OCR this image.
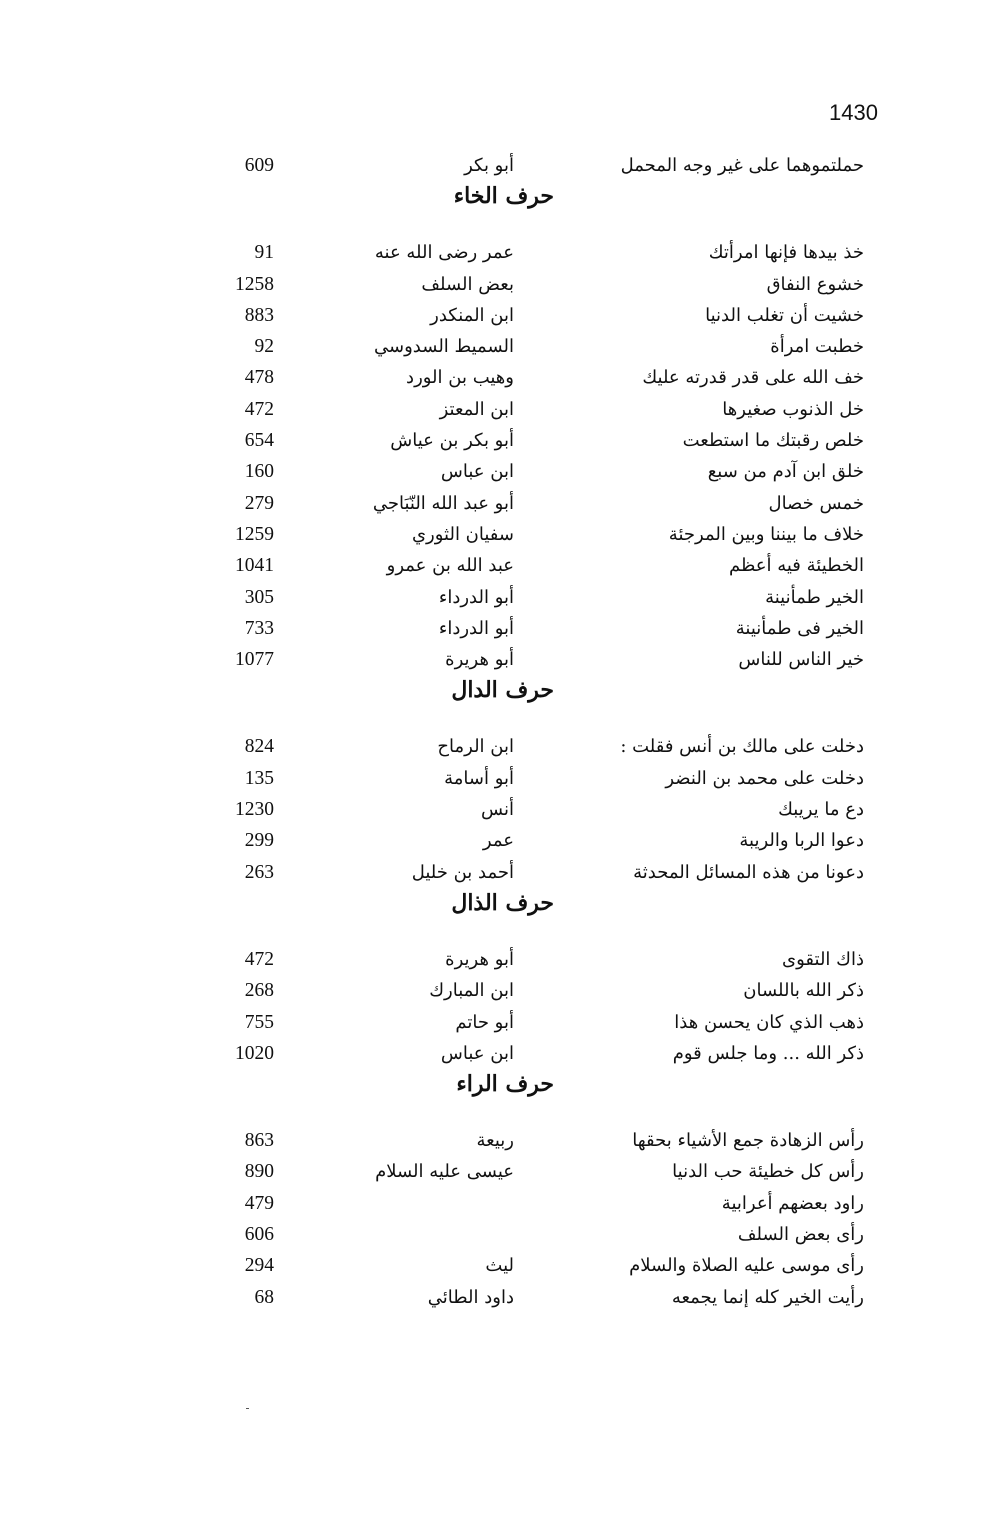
1430
حملتموهما على غير وجه المحمل
أبو بكر
609
حرف الخاء
خذ بيدها فإنها امرأتك
عمر رضى الله عنه
91
خشوع النفاق
بعض السلف
1258
خشيت أن تغلب الدنيا
ابن المنكدر
883
خطبت امرأة
السميط السدوسي
92
خف الله على قدر قدرته عليك
وهيب بن الورد
478
خل الذنوب صغيرها
ابن المعتز
472
خلص رقبتك ما استطعت
أبو بكر بن عياش
654
خلق ابن آدم من سبع
ابن عباس
160
خمس خصال
أبو عبد الله النّبَاجي
279
خلاف ما بيننا وبين المرجئة
سفيان الثوري
1259
الخطيئة فيه أعظم
عبد الله بن عمرو
1041
الخير طمأنينة
أبو الدرداء
305
الخير فى طمأنينة
أبو الدرداء
733
خير الناس للناس
أبو هريرة
1077
حرف الدال
دخلت على مالك بن أنس فقلت :
ابن الرماح
824
دخلت على محمد بن النضر
أبو أسامة
135
دع ما يريبك
أنس
1230
دعوا الربا والريبة
عمر
299
دعونا من هذه المسائل المحدثة
أحمد بن خليل
263
حرف الذال
ذاك التقوى
أبو هريرة
472
ذكر الله باللسان
ابن المبارك
268
ذهب الذي كان يحسن هذا
أبو حاتم
755
ذكر الله ... وما جلس قوم
ابن عباس
1020
حرف الراء
رأس الزهادة جمع الأشياء بحقها
ربيعة
863
رأس كل خطيئة حب الدنيا
عيسى عليه السلام
890
راود بعضهم أعرابية
479
رأى بعض السلف
606
رأى موسى عليه الصلاة والسلام
ليث
294
رأيت الخير كله إنما يجمعه
داود الطائي
68
